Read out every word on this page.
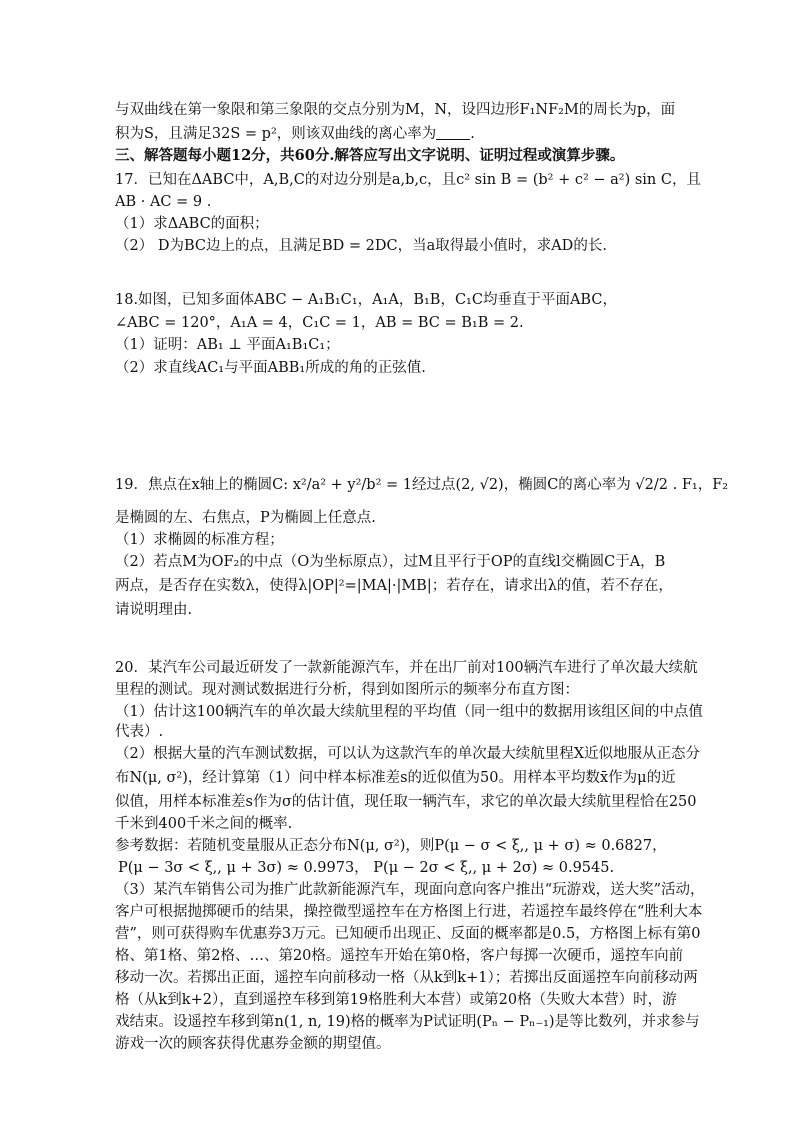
与双曲线在第一象限和第三象限的交点分别为M，N，设四边形F₁NF₂M的周长为p，面
积为S，且满足32S = p²，则该双曲线的离心率为 .
三、解答题每小题12分，共60分.解答应写出文字说明、证明过程或演算步骤。
17．已知在ΔABC中，A,B,C的对边分别是a,b,c，且c² sin B = (b² + c² − a²) sin C，且
AB · AC = 9 .
（1）求ΔABC的面积；
（2） D为BC边上的点，且满足BD = 2DC，当a取得最小值时，求AD的长.
18.如图，已知多面体ABC − A₁B₁C₁，A₁A，B₁B，C₁C均垂直于平面ABC，
∠ABC = 120°，A₁A = 4，C₁C = 1，AB = BC = B₁B = 2.
（1）证明：AB₁ ⊥ 平面A₁B₁C₁；
（2）求直线AC₁与平面ABB₁所成的角的正弦值.
19．焦点在x轴上的椭圆C: x²/a² + y²/b² = 1经过点(2, √2)，椭圆C的离心率为 √2/2 . F₁，F₂
是椭圆的左、右焦点，P为椭圆上任意点.
（1）求椭圆的标准方程；
（2）若点M为OF₂的中点（O为坐标原点），过M且平行于OP的直线l交椭圆C于A，B
两点，是否存在实数λ，使得λ|OP|²=|MA|·|MB|；若存在，请求出λ的值，若不存在，
请说明理由.
20．某汽车公司最近研发了一款新能源汽车，并在出厂前对100辆汽车进行了单次最大续航
里程的测试。现对测试数据进行分析，得到如图所示的频率分布直方图：
（1）估计这100辆汽车的单次最大续航里程的平均值（同一组中的数据用该组区间的中点值
代表）.
（2）根据大量的汽车测试数据，可以认为这款汽车的单次最大续航里程X近似地服从正态分
布N(μ, σ²)，经计算第（1）问中样本标准差s的近似值为50。用样本平均数x̄作为μ的近
似值，用样本标准差s作为σ的估计值，现任取一辆汽车，求它的单次最大续航里程恰在250
千米到400千米之间的概率.
参考数据：若随机变量服从正态分布N(μ, σ²)，则P(μ − σ < ξ,, μ + σ) ≈ 0.6827，
P(μ − 3σ < ξ,, μ + 3σ) ≈ 0.9973， P(μ − 2σ < ξ,, μ + 2σ) ≈ 0.9545.
（3）某汽车销售公司为推广此款新能源汽车，现面向意向客户推出“玩游戏，送大奖”活动，
客户可根据抛掷硬币的结果，操控微型遥控车在方格图上行进，若遥控车最终停在“胜利大本
营”，则可获得购车优惠券3万元。已知硬币出现正、反面的概率都是0.5，方格图上标有第0
格、第1格、第2格、…、第20格。遥控车开始在第0格，客户每掷一次硬币，遥控车向前
移动一次。若掷出正面，遥控车向前移动一格（从k到k+1）；若掷出反面遥控车向前移动两
格（从k到k+2），直到遥控车移到第19格胜利大本营）或第20格（失败大本营）时，游
戏结束。设遥控车移到第n(1, n, 19)格的概率为P试证明(Pₙ − Pₙ₋₁)是等比数列，并求参与
游戏一次的顾客获得优惠券金额的期望值。
